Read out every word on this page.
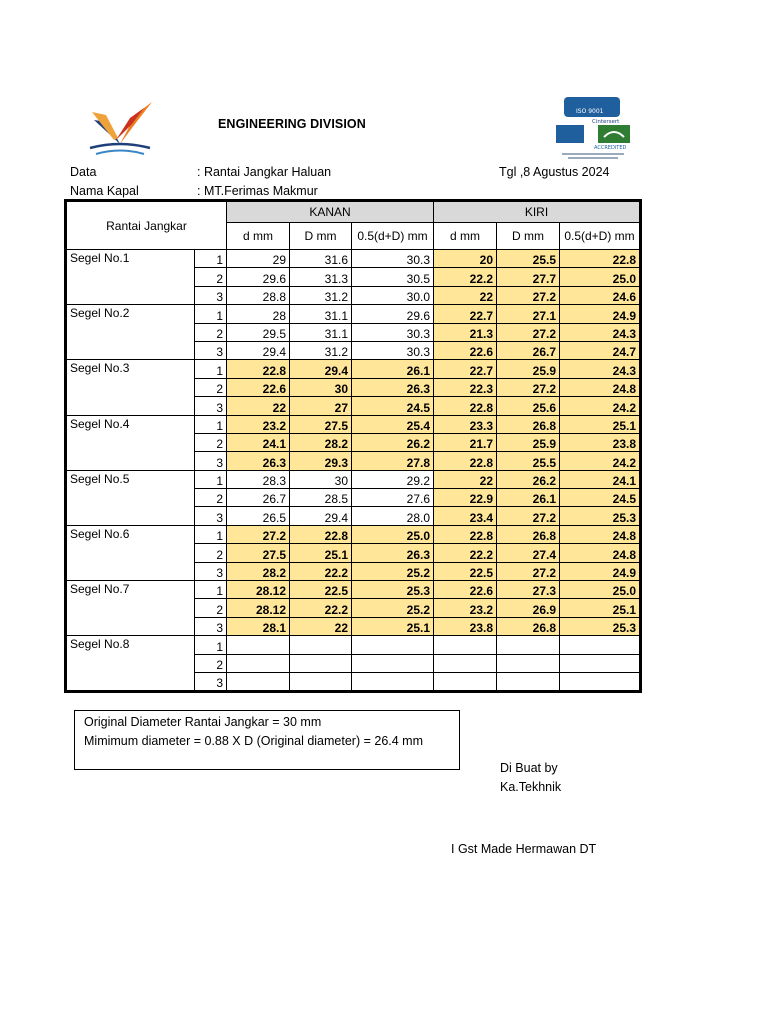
ISO 9001
Cintersert
ACCREDITED
ENGINEERING DIVISION
Data	: Rantai Jangkar Haluan	Tgl ,8 Agustus 2024
Nama Kapal	: MT.Ferimas Makmur
Rantai Jangkar		KANAN			KIRI		
		d mm	D mm	0.5(d+D) mm	d mm	D mm	0.5(d+D) mm
Segel No.1	1	29	31.6	30.3	20	25.5	22.8
	2	29.6	31.3	30.5	22.2	27.7	25.0
	3	28.8	31.2	30.0	22	27.2	24.6
Segel No.2	1	28	31.1	29.6	22.7	27.1	24.9
	2	29.5	31.1	30.3	21.3	27.2	24.3
	3	29.4	31.2	30.3	22.6	26.7	24.7
Segel No.3	1	22.8	29.4	26.1	22.7	25.9	24.3
	2	22.6	30	26.3	22.3	27.2	24.8
	3	22	27	24.5	22.8	25.6	24.2
Segel No.4	1	23.2	27.5	25.4	23.3	26.8	25.1
	2	24.1	28.2	26.2	21.7	25.9	23.8
	3	26.3	29.3	27.8	22.8	25.5	24.2
Segel No.5	1	28.3	30	29.2	22	26.2	24.1
	2	26.7	28.5	27.6	22.9	26.1	24.5
	3	26.5	29.4	28.0	23.4	27.2	25.3
Segel No.6	1	27.2	22.8	25.0	22.8	26.8	24.8
	2	27.5	25.1	26.3	22.2	27.4	24.8
	3	28.2	22.2	25.2	22.5	27.2	24.9
Segel No.7	1	28.12	22.5	25.3	22.6	27.3	25.0
	2	28.12	22.2	25.2	23.2	26.9	25.1
	3	28.1	22	25.1	23.8	26.8	25.3
Segel No.8	1						
	2						
	3						
Original Diameter Rantai Jangkar = 30 mm
Mimimum diameter = 0.88 X D (Original diameter) = 26.4 mm
Di Buat by
Ka.Tekhnik
I Gst Made Hermawan DT
